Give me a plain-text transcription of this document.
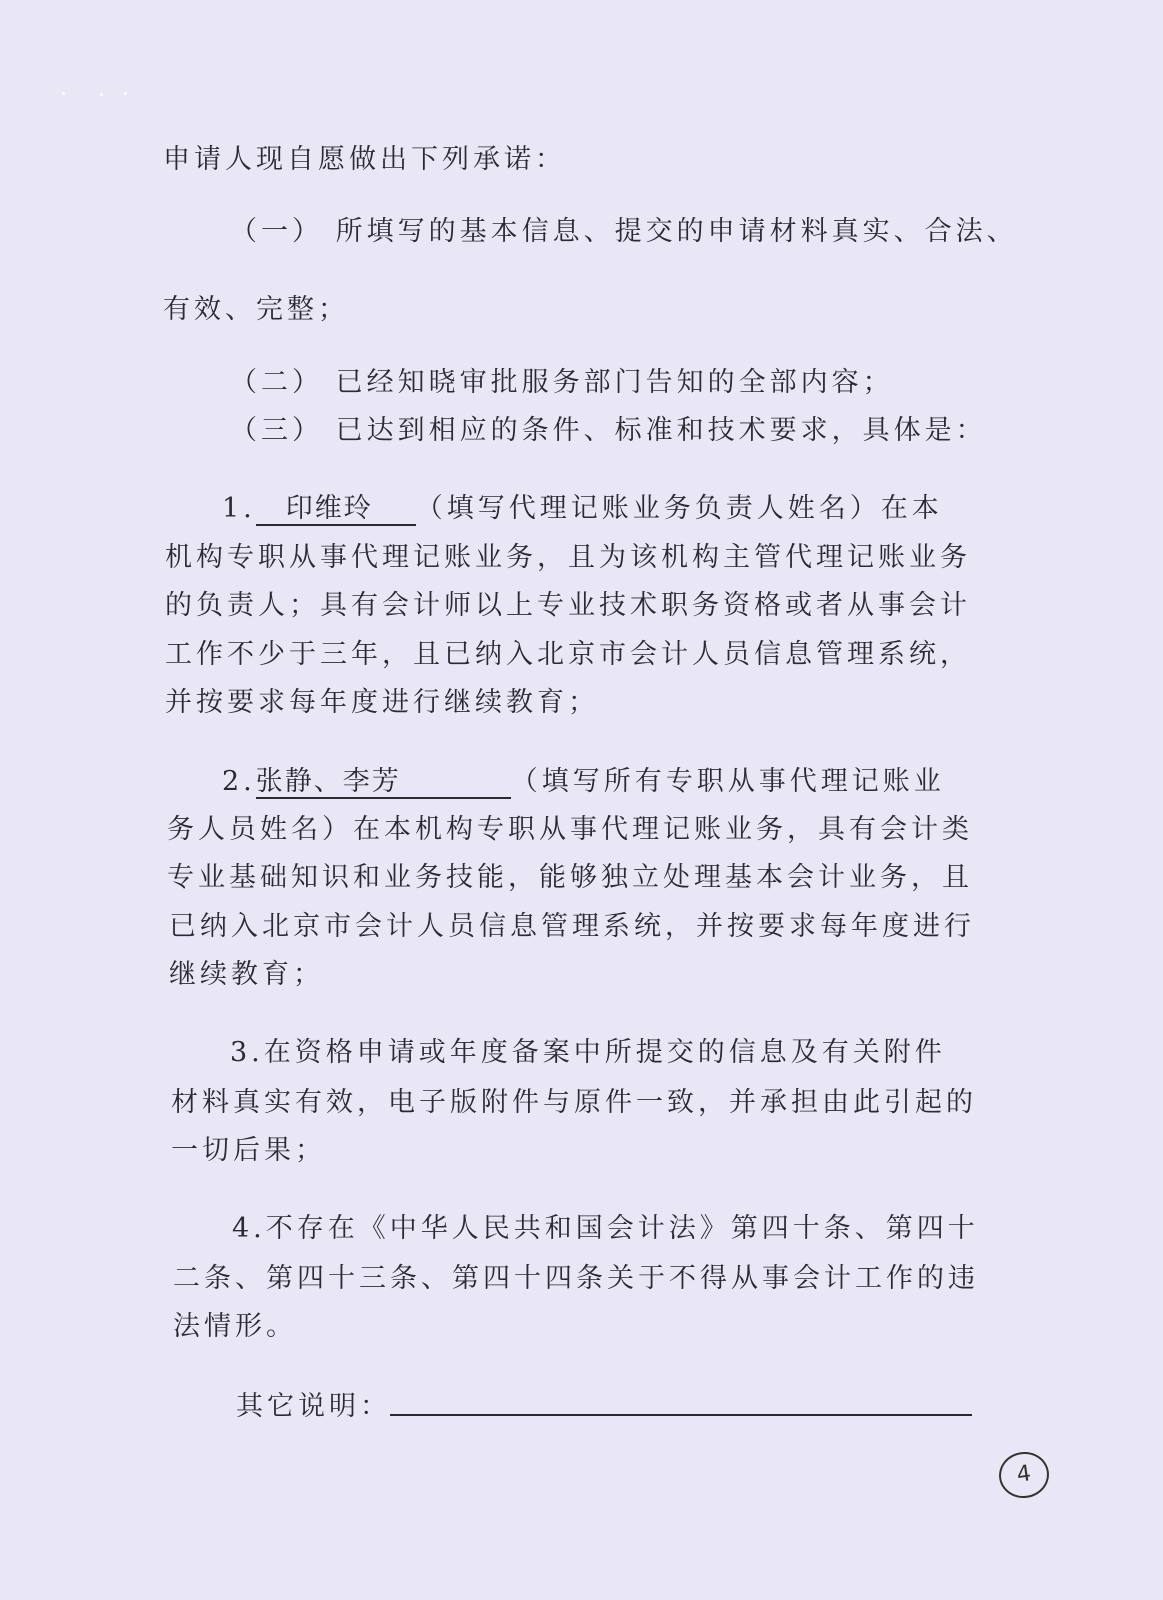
申请人现自愿做出下列承诺：
（一） 所填写的基本信息、提交的申请材料真实、合法、
有效、完整；
（二） 已经知晓审批服务部门告知的全部内容；
（三） 已达到相应的条件、标准和技术要求，具体是：
1. 印维玲 （填写代理记账业务负责人姓名）在本
机构专职从事代理记账业务，且为该机构主管代理记账业务
的负责人；具有会计师以上专业技术职务资格或者从事会计
工作不少于三年，且已纳入北京市会计人员信息管理系统，
并按要求每年度进行继续教育；
2.张静、李芳	（填写所有专职从事代理记账业
务人员姓名）在本机构专职从事代理记账业务，具有会计类
专业基础知识和业务技能，能够独立处理基本会计业务，且
已纳入北京市会计人员信息管理系统，并按要求每年度进行
继续教育；
3.在资格申请或年度备案中所提交的信息及有关附件
材料真实有效，电子版附件与原件一致，并承担由此引起的
一切后果；
4.不存在《中华人民共和国会计法》第四十条、第四十
二条、第四十三条、第四十四条关于不得从事会计工作的违
法情形。
其它说明：
4
